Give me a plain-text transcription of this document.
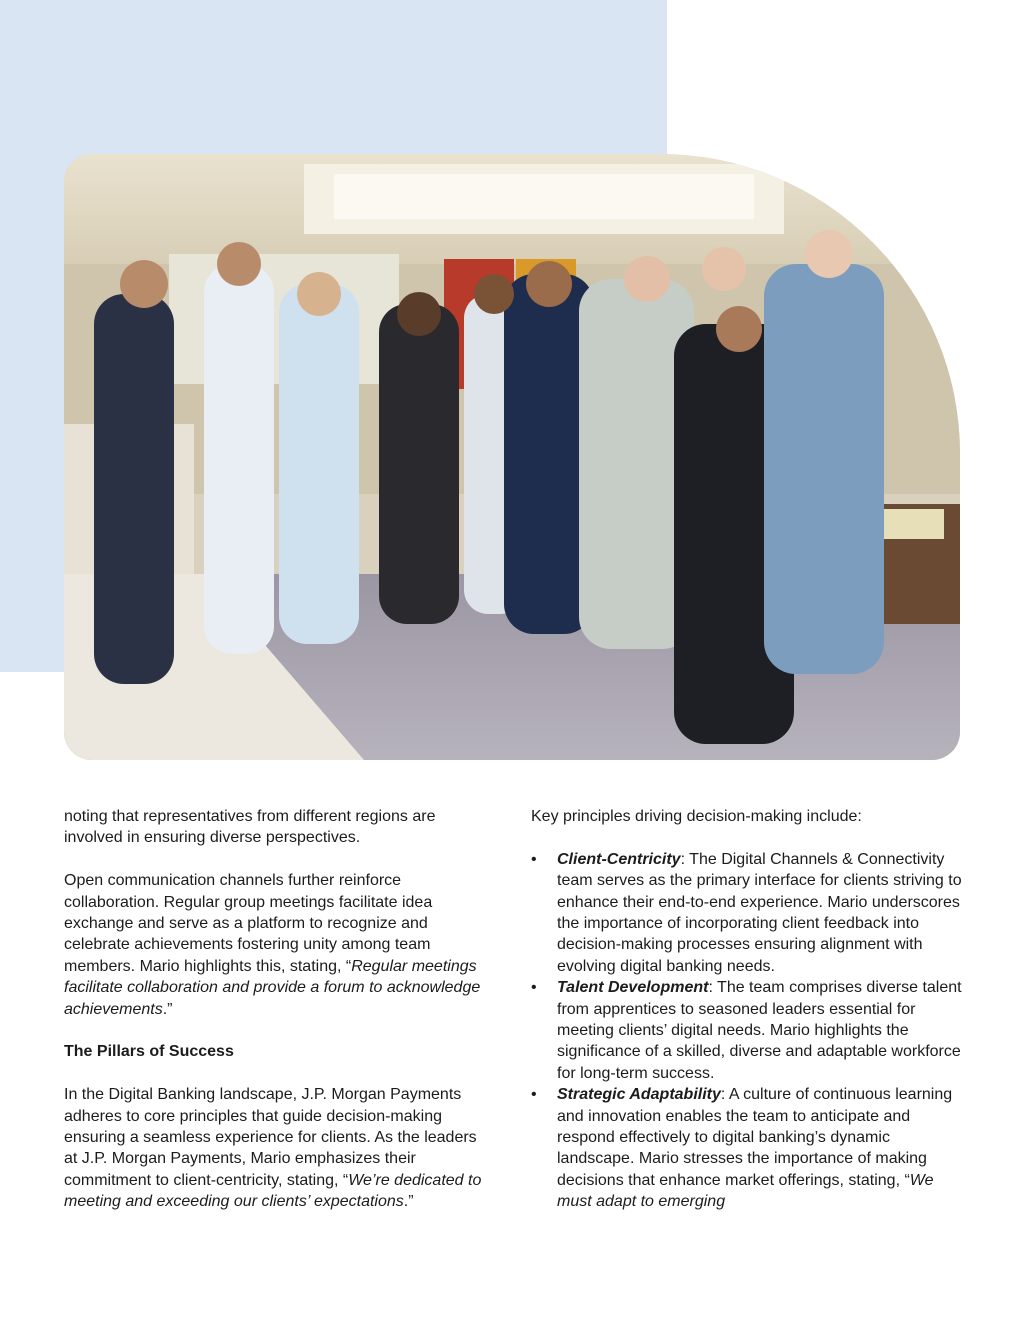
noting that representatives from different regions are involved in ensuring diverse perspectives.

Open communication channels further reinforce collaboration. Regular group meetings facilitate idea exchange and serve as a platform to recognize and celebrate achievements fostering unity among team members. Mario highlights this, stating, “Regular meetings facilitate collaboration and provide a forum to acknowledge achievements.”

The Pillars of Success

In the Digital Banking landscape, J.P. Morgan Payments adheres to core principles that guide decision-making ensuring a seamless experience for clients. As the leaders at J.P. Morgan Payments, Mario emphasizes their commitment to client-centricity, stating, “We’re dedicated to meeting and exceeding our clients’ expectations.”

Key principles driving decision-making include:

• Client-Centricity: The Digital Channels & Connectivity team serves as the primary interface for clients striving to enhance their end-to-end experience. Mario underscores the importance of incorporating client feedback into decision-making processes ensuring alignment with evolving digital banking needs.
• Talent Development: The team comprises diverse talent from apprentices to seasoned leaders essential for meeting clients’ digital needs. Mario highlights the significance of a skilled, diverse and adaptable workforce for long-term success.
• Strategic Adaptability: A culture of continuous learning and innovation enables the team to anticipate and respond effectively to digital banking’s dynamic landscape. Mario stresses the importance of making decisions that enhance market offerings, stating, “We must adapt to emerging
